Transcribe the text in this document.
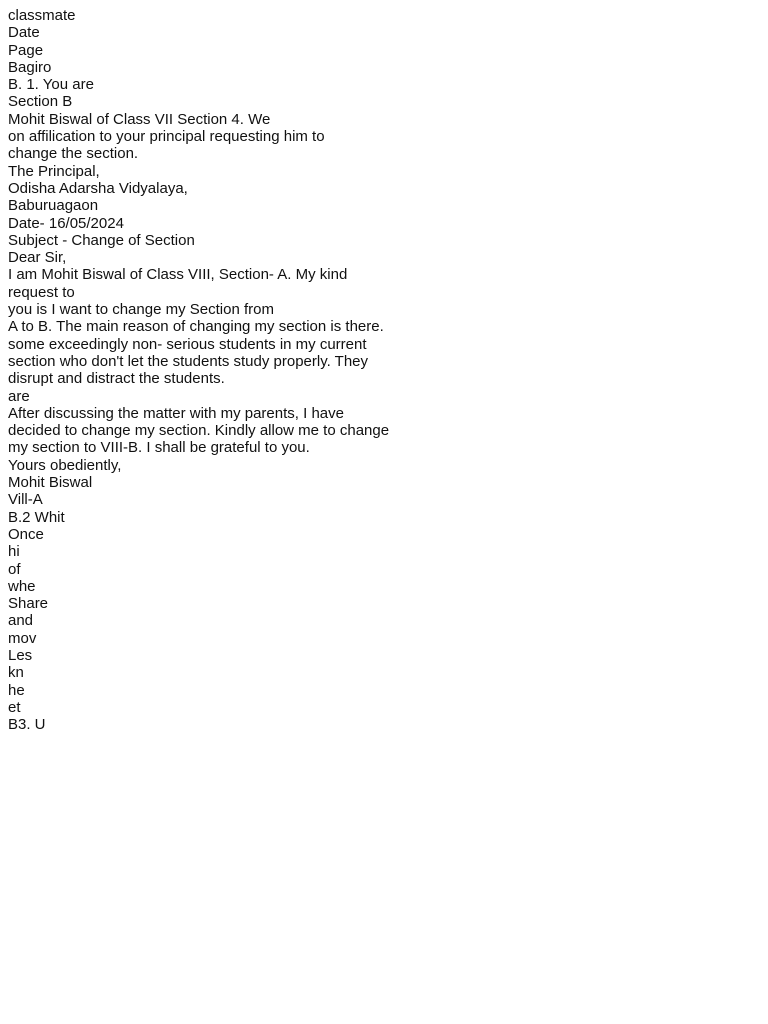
classmate
Date
Page
Bagiro
B. 1. You are
Section B
Mohit Biswal of Class VII Section 4. We
on affilication to your principal requesting him to
change the section.
The Principal,
Odisha Adarsha Vidyalaya,
Baburuagaon
Date- 16/05/2024
Subject - Change of Section
Dear Sir,
I am Mohit Biswal of Class VIII, Section- A. My kind
request to
you is I want to change my Section from
A to B. The main reason of changing my section is there.
some exceedingly non- serious students in my current
section who don't let the students study properly. They
disrupt and distract the students.
are
After discussing the matter with my parents, I have
decided to change my section. Kindly allow me to change
my section to VIII-B. I shall be grateful to you.
Yours obediently,
Mohit Biswal
Vill-A
B.2 Whit
Once
hi
of
whe
Share
and
mov
Les
kn
he
et
B3. U
